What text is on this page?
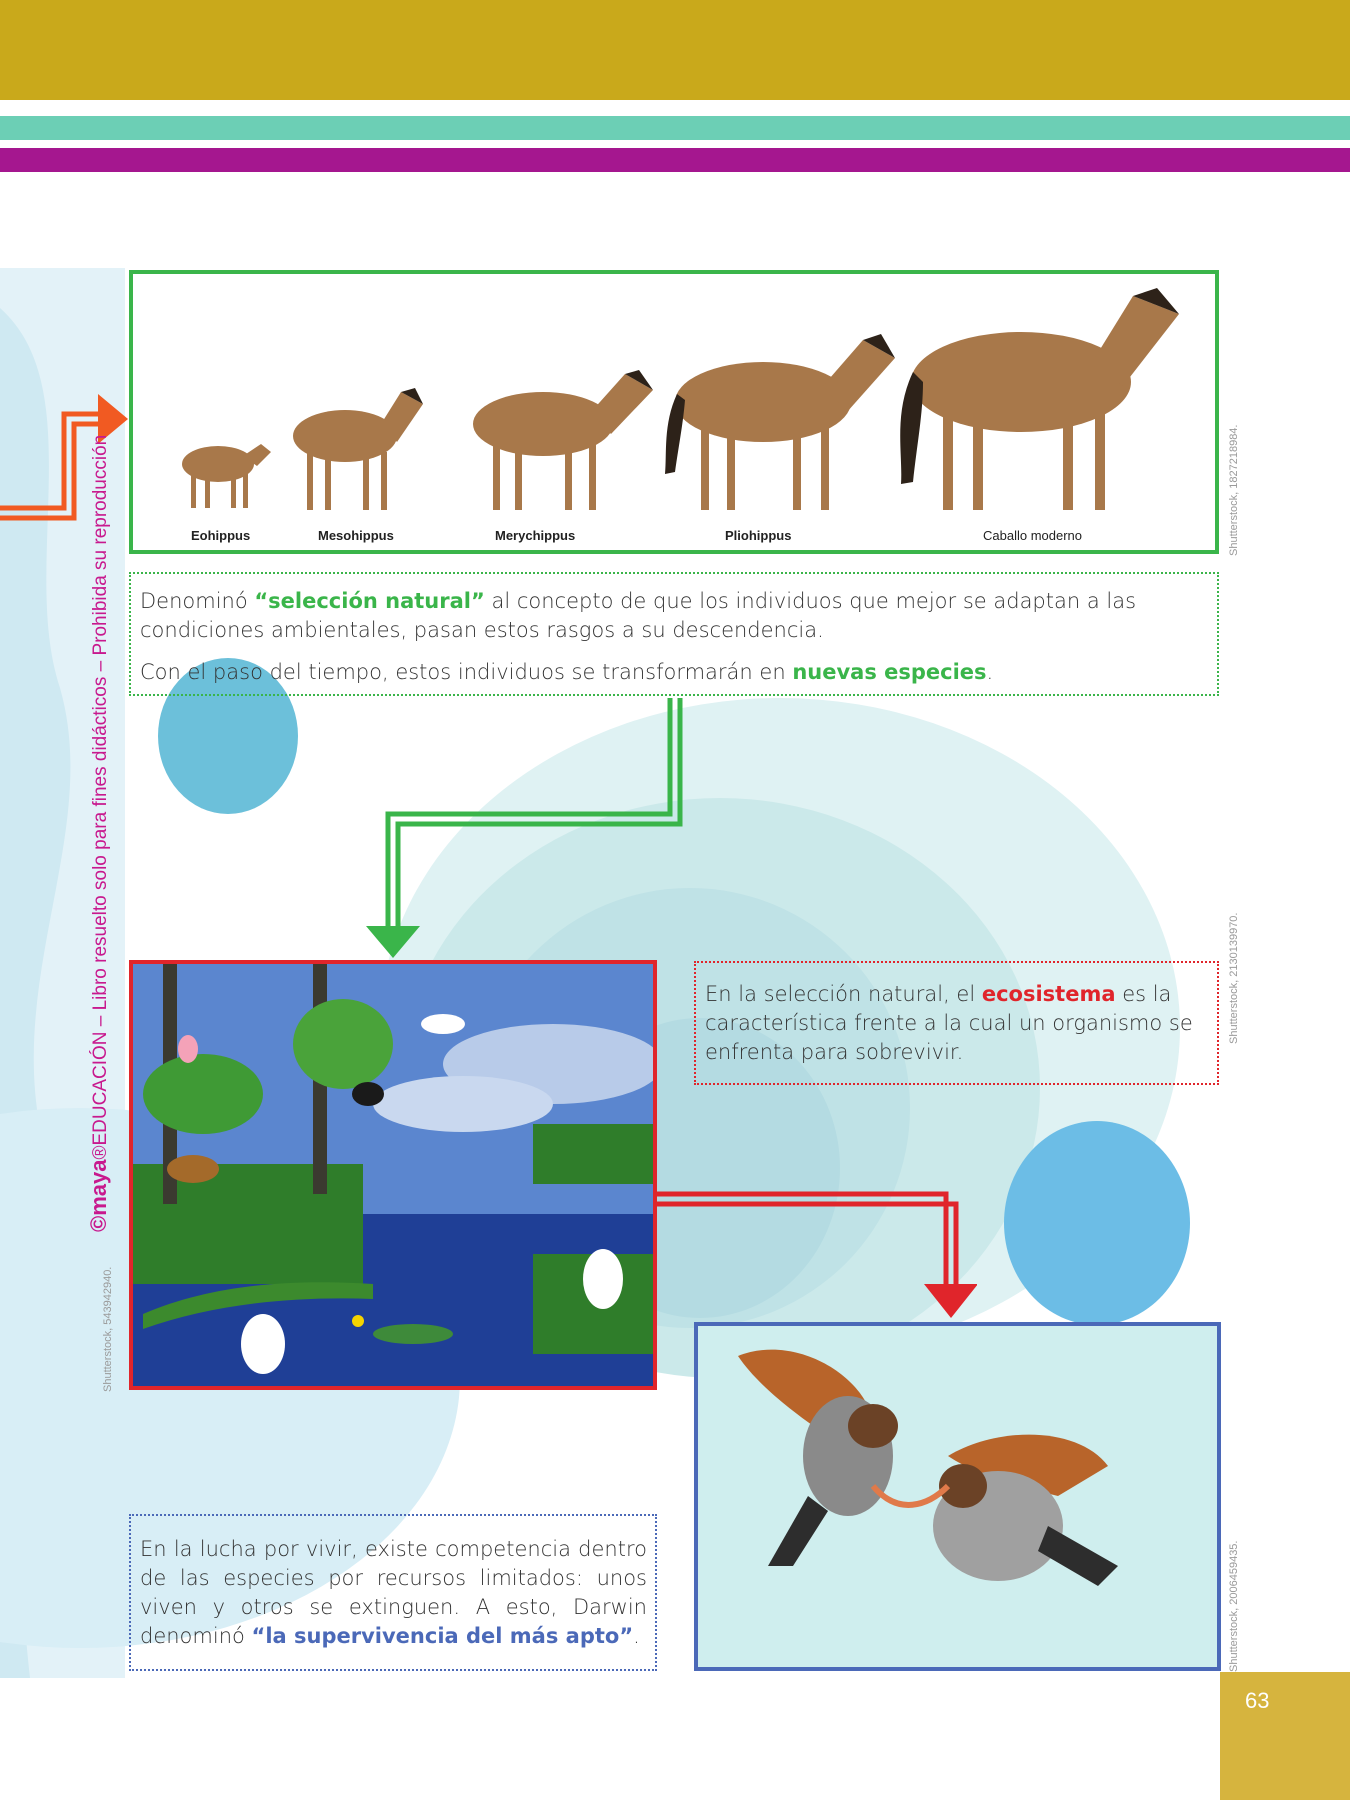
Eohippus	Mesohippus	Merychippus	Pliohippus	Caballo moderno	Shutterstock, 1827218984.

Denominó “selección natural” al concepto de que los individuos que mejor se adaptan a las condiciones ambientales, pasan estos rasgos a su descendencia.

Con el paso del tiempo, estos individuos se transformarán en nuevas especies.

Shutterstock, 543942940.

En la selección natural, el ecosistema es la característica frente a la cual un organismo se enfrenta para sobrevivir.

Shutterstock, 2130139970.
Shutterstock, 2006459435.

En la lucha por vivir, existe competencia dentro de las especies por recursos limitados: unos viven y otros se extinguen. A esto, Darwin denominó “la supervivencia del más apto”.

©maya®EDUCACIÓN – Libro resuelto solo para fines didácticos – Prohibida su reproducción
63
